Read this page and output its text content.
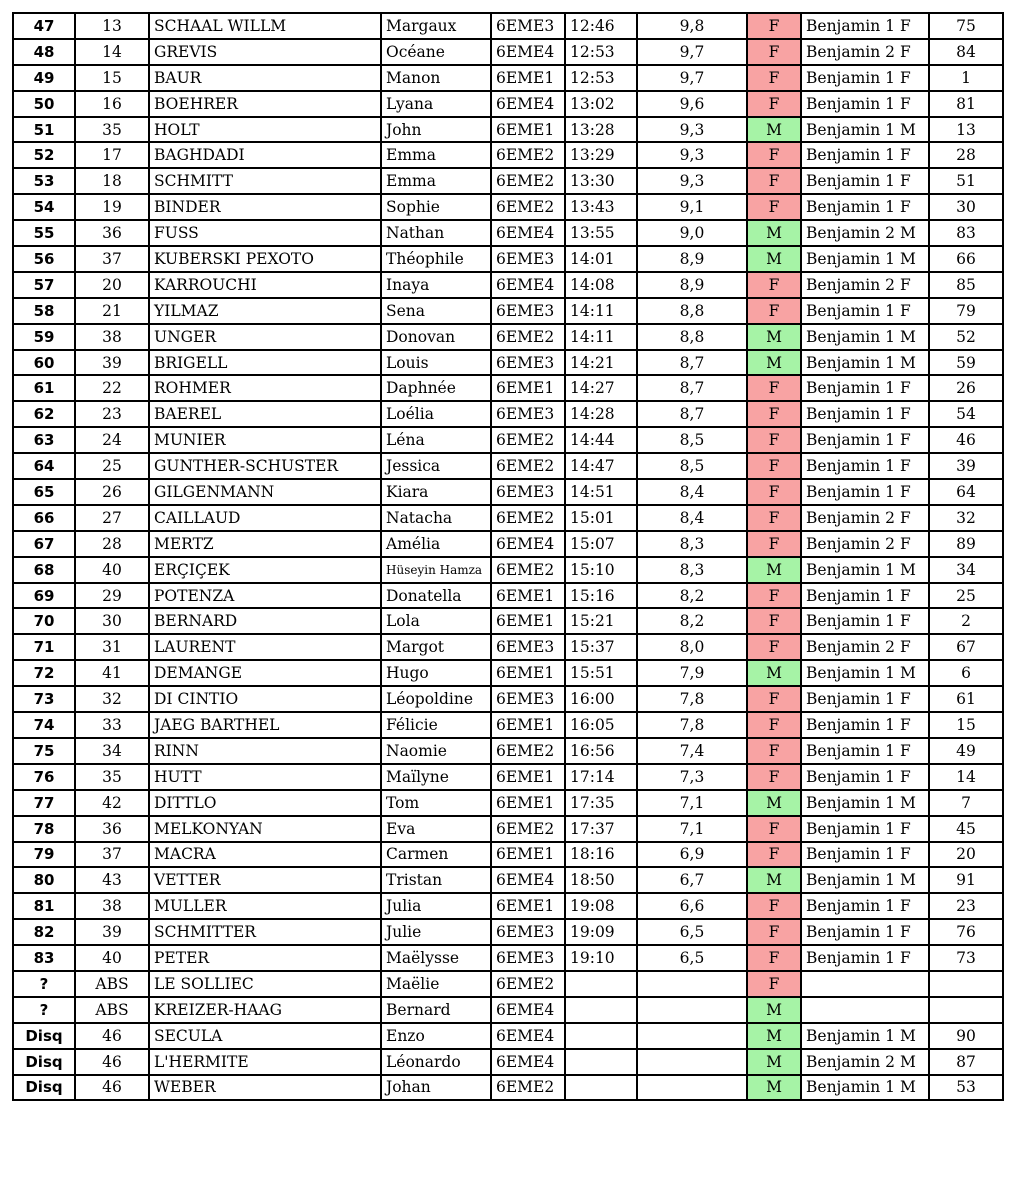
47	13	SCHAAL WILLM	Margaux	6EME3	12:46	9,8	F	Benjamin 1 F	75
48	14	GREVIS	Océane	6EME4	12:53	9,7	F	Benjamin 2 F	84
49	15	BAUR	Manon	6EME1	12:53	9,7	F	Benjamin 1 F	1
50	16	BOEHRER	Lyana	6EME4	13:02	9,6	F	Benjamin 1 F	81
51	35	HOLT	John	6EME1	13:28	9,3	M	Benjamin 1 M	13
52	17	BAGHDADI	Emma	6EME2	13:29	9,3	F	Benjamin 1 F	28
53	18	SCHMITT	Emma	6EME2	13:30	9,3	F	Benjamin 1 F	51
54	19	BINDER	Sophie	6EME2	13:43	9,1	F	Benjamin 1 F	30
55	36	FUSS	Nathan	6EME4	13:55	9,0	M	Benjamin 2 M	83
56	37	KUBERSKI PEXOTO	Théophile	6EME3	14:01	8,9	M	Benjamin 1 M	66
57	20	KARROUCHI	Inaya	6EME4	14:08	8,9	F	Benjamin 2 F	85
58	21	YILMAZ	Sena	6EME3	14:11	8,8	F	Benjamin 1 F	79
59	38	UNGER	Donovan	6EME2	14:11	8,8	M	Benjamin 1 M	52
60	39	BRIGELL	Louis	6EME3	14:21	8,7	M	Benjamin 1 M	59
61	22	ROHMER	Daphnée	6EME1	14:27	8,7	F	Benjamin 1 F	26
62	23	BAEREL	Loélia	6EME3	14:28	8,7	F	Benjamin 1 F	54
63	24	MUNIER	Léna	6EME2	14:44	8,5	F	Benjamin 1 F	46
64	25	GUNTHER-SCHUSTER	Jessica	6EME2	14:47	8,5	F	Benjamin 1 F	39
65	26	GILGENMANN	Kiara	6EME3	14:51	8,4	F	Benjamin 1 F	64
66	27	CAILLAUD	Natacha	6EME2	15:01	8,4	F	Benjamin 2 F	32
67	28	MERTZ	Amélia	6EME4	15:07	8,3	F	Benjamin 2 F	89
68	40	ERÇIÇEK	Hüseyin Hamza	6EME2	15:10	8,3	M	Benjamin 1 M	34
69	29	POTENZA	Donatella	6EME1	15:16	8,2	F	Benjamin 1 F	25
70	30	BERNARD	Lola	6EME1	15:21	8,2	F	Benjamin 1 F	2
71	31	LAURENT	Margot	6EME3	15:37	8,0	F	Benjamin 2 F	67
72	41	DEMANGE	Hugo	6EME1	15:51	7,9	M	Benjamin 1 M	6
73	32	DI CINTIO	Léopoldine	6EME3	16:00	7,8	F	Benjamin 1 F	61
74	33	JAEG BARTHEL	Félicie	6EME1	16:05	7,8	F	Benjamin 1 F	15
75	34	RINN	Naomie	6EME2	16:56	7,4	F	Benjamin 1 F	49
76	35	HUTT	Maïlyne	6EME1	17:14	7,3	F	Benjamin 1 F	14
77	42	DITTLO	Tom	6EME1	17:35	7,1	M	Benjamin 1 M	7
78	36	MELKONYAN	Eva	6EME2	17:37	7,1	F	Benjamin 1 F	45
79	37	MACRA	Carmen	6EME1	18:16	6,9	F	Benjamin 1 F	20
80	43	VETTER	Tristan	6EME4	18:50	6,7	M	Benjamin 1 M	91
81	38	MULLER	Julia	6EME1	19:08	6,6	F	Benjamin 1 F	23
82	39	SCHMITTER	Julie	6EME3	19:09	6,5	F	Benjamin 1 F	76
83	40	PETER	Maëlysse	6EME3	19:10	6,5	F	Benjamin 1 F	73
?	ABS	LE SOLLIEC	Maëlie	6EME2			F		
?	ABS	KREIZER-HAAG	Bernard	6EME4			M		
Disq	46	SECULA	Enzo	6EME4			M	Benjamin 1 M	90
Disq	46	L'HERMITE	Léonardo	6EME4			M	Benjamin 2 M	87
Disq	46	WEBER	Johan	6EME2			M	Benjamin 1 M	53
